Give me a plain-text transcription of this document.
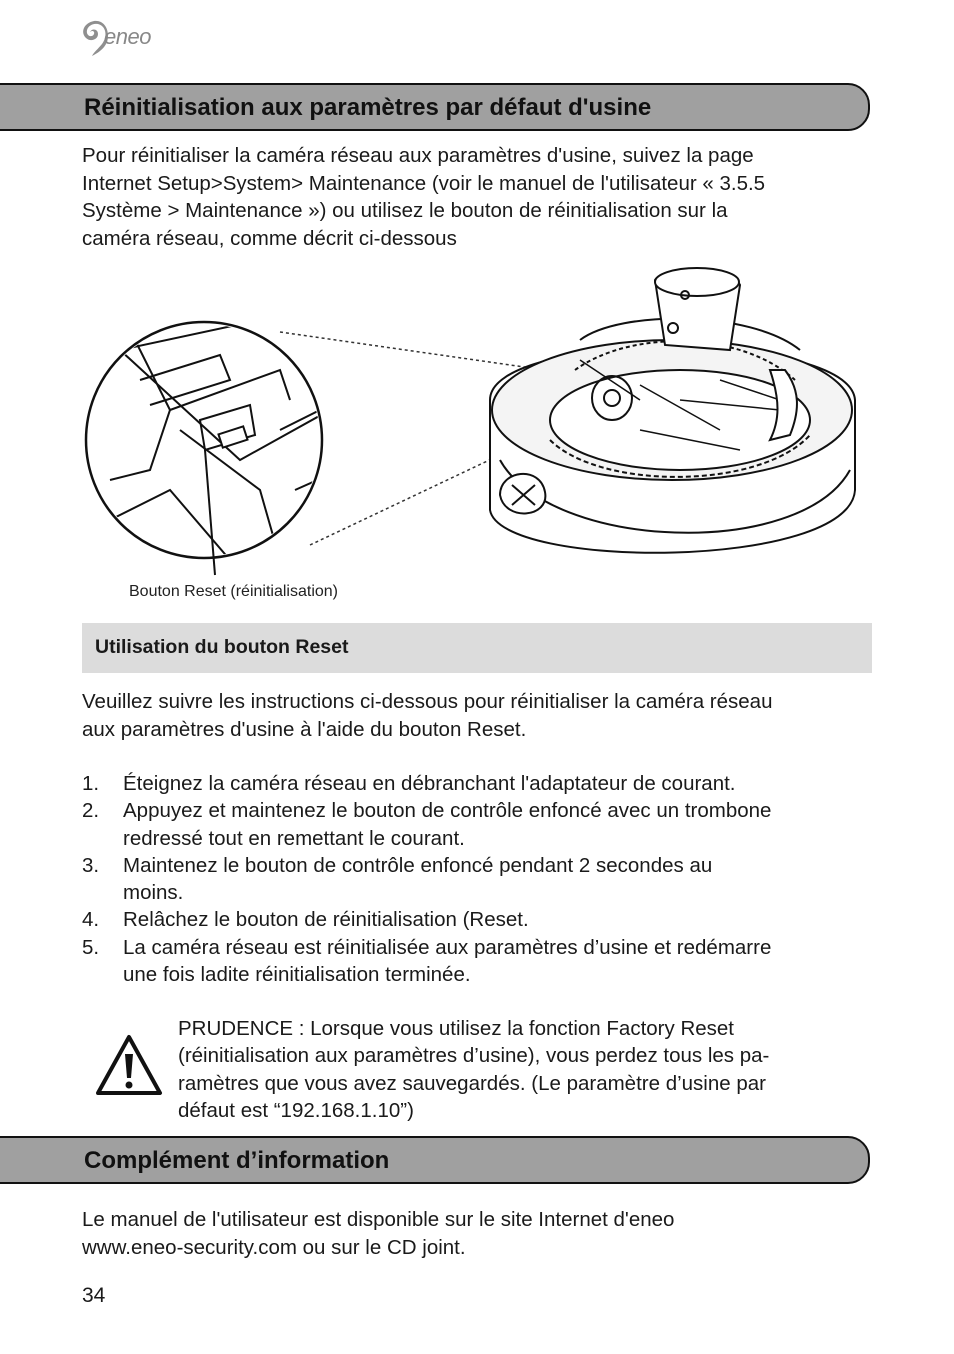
eneo
Réinitialisation aux paramètres par défaut d'usine

Pour réinitialiser la caméra réseau aux paramètres d'usine, suivez la page
Internet Setup>System> Maintenance (voir le manuel de l'utilisateur « 3.5.5
Système > Maintenance ») ou utilisez le bouton de réinitialisation sur la
caméra réseau, comme décrit ci-dessous

Bouton Reset (réinitialisation)
Utilisation du bouton Reset

Veuillez suivre les instructions ci-dessous pour réinitialiser la caméra réseau
aux paramètres d'usine à l'aide du bouton Reset.

1. Éteignez la caméra réseau en débranchant l'adaptateur de courant.
2. Appuyez et maintenez le bouton de contrôle enfoncé avec un trombone
redressé tout en remettant le courant.
3. Maintenez le bouton de contrôle enfoncé pendant 2 secondes au
moins.
4. Relâchez le bouton de réinitialisation (Reset.
5. La caméra réseau est réinitialisée aux paramètres d’usine et redémarre
une fois ladite réinitialisation terminée.

PRUDENCE : Lorsque vous utilisez la fonction Factory Reset
(réinitialisation aux paramètres d’usine), vous perdez tous les pa-
ramètres que vous avez sauvegardés. (Le paramètre d’usine par
défaut est “192.168.1.10”)

Complément d’information

Le manuel de l'utilisateur est disponible sur le site Internet d'eneo
www.eneo-security.com ou sur le CD joint.

34
